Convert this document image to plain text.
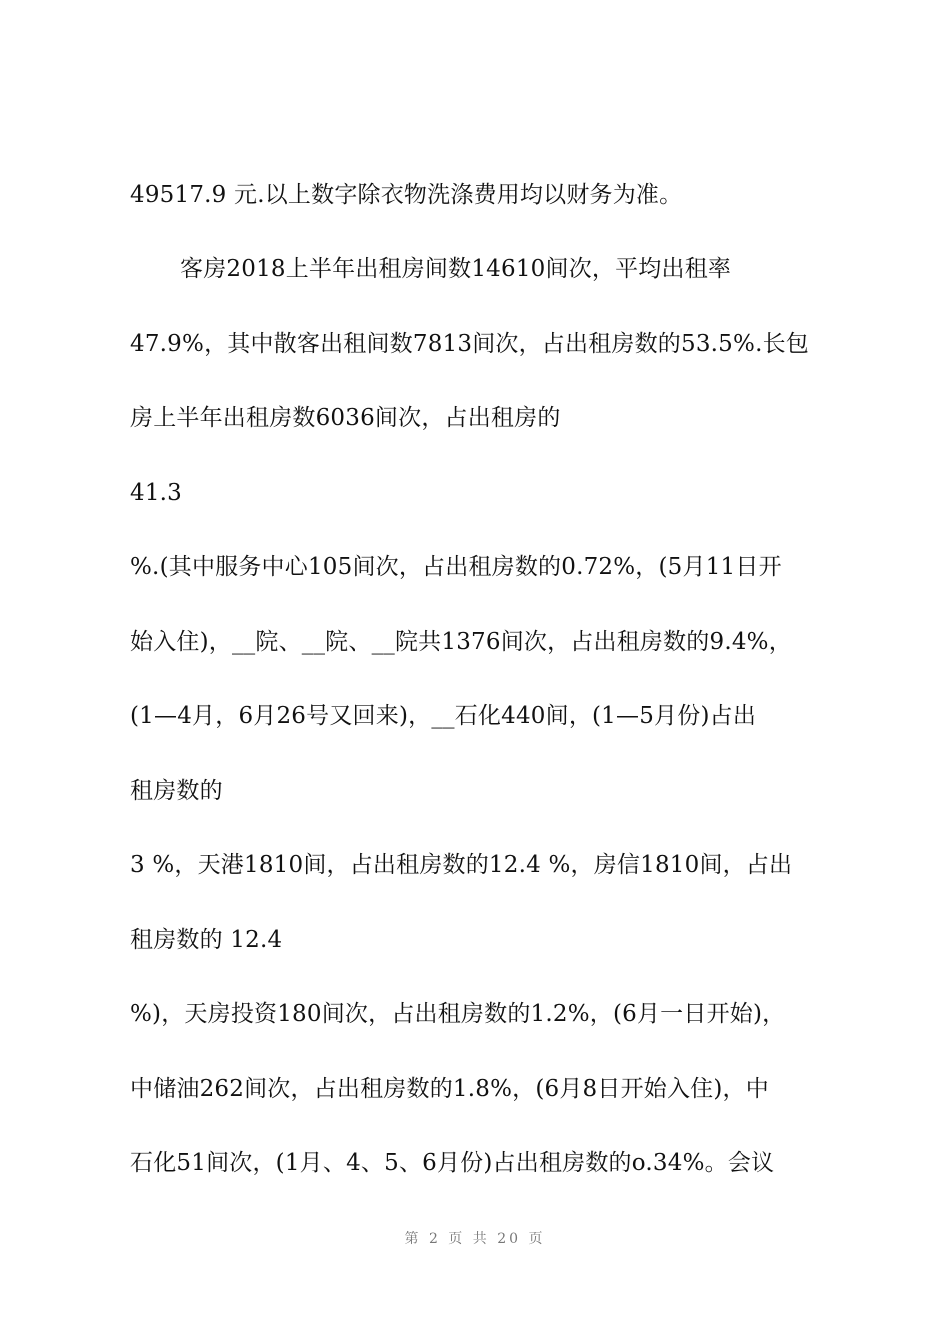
49517.9 元.以上数字除衣物洗涤费用均以财务为准。
客房2018上半年出租房间数14610间次，平均出租率
47.9%，其中散客出租间数7813间次，占出租房数的53.5%.长包
房上半年出租房数6036间次，占出租房的
41.3
%.(其中服务中心105间次，占出租房数的0.72%，(5月11日开
始入住)，__院、__院、__院共1376间次，占出租房数的9.4%，
(1—4月，6月26号又回来)，__石化440间，(1—5月份)占出
租房数的
3 %，天港1810间，占出租房数的12.4 %，房信1810间，占出
租房数的 12.4
%)，天房投资180间次，占出租房数的1.2%，(6月一日开始)，
中储油262间次，占出租房数的1.8%，(6月8日开始入住)，中
石化51间次，(1月、4、5、6月份)占出租房数的o.34%。会议
第 2 页 共 20 页
